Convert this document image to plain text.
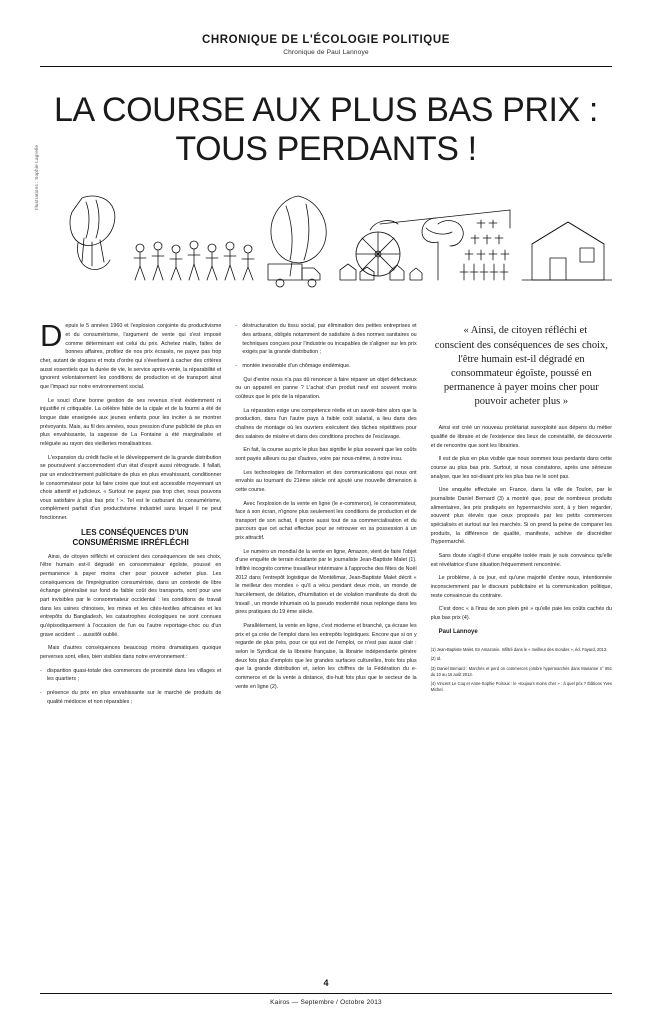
CHRONIQUE DE L'ÉCOLOGIE POLITIQUE
Chronique de Paul Lannoye
LA COURSE AUX PLUS BAS PRIX :
TOUS PERDANTS !
Illustrations : Sophie Lagrelle

Depuis le 5 années 1960 et l'explosion conjointe du productivisme et du consumérisme, l'argument de vente qui s'est imposé comme déterminant est celui du prix. Achetez malin, faites de bonnes affaires, profitez de nos prix écrasés, ne payez pas trop cher, autant de slogans et mots d'ordre qui s'éverlsent à cacher des critères aussi essentiels que la durée de vie, le service après-vente, la réparabilité et ignorent volontairement les conditions de production et de transport ainsi que l'impact sur notre environnement social.

Le souci d'une bonne gestion de ses revenus n'est évidemment ni injustifié ni critiquable. La célèbre fable de la cigale et de la fourmi a été de longue date enseignée aux jeunes enfants pour les inciter à se montrer prévoyants. Mais, au fil des années, sous pression d'une publicité de plus en plus envahissante, la sagesse de La Fontaine a été marginalisée et reléguée au rayon des vieilleries moralisatrices.

L'expansion du crédit facile et le développement de la grande distribution se poursuivent s'accommodent d'un état d'esprit aussi rétrograde. Il fallait, par un endoctrinement publicitaire de plus en plus envahissant, conditionner le consommateur pour lui faire croire que tout est accessible moyennant un choix attentif et judicieux. « Surtout ne payez pas trop cher, nous pouvons vous satisfaire à plus bas prix ! ». Tel est le carburant du consumérisme, complément parfait d'un productivisme industriel sans lequel il ne peut fonctionner.

LES CONSÉQUENCES D'UN CONSUMÉRISME IRRÉFLÉCHI

Ainsi, de citoyen réfléchi et conscient des conséquences de ses choix, l'être humain est-il dégradé en consommateur égoïste, poussé en permanence à payer moins cher pour pouvoir acheter plus. Les conséquences de l'imprégnation consumériste, dans un contexte de libre échange généralisé sur fond de faible coût des transports, sont pour une part invisibles par le consommateur occidental : les conditions de travail dans les usines chinoises, les mines et les cités-textiles africaines et les entrepôts du Bangladesh, les catastrophes écologiques ne sont connues qu'épisodiquement à l'occasion de l'un ou l'autre reportage-choc ou d'un grave accident … aussitôt oublié.

Mais d'autres conséquences beaucoup moins dramatiques quoique perverses sont, elles, bien visibles dans notre environnement :

- disparition quasi-totale des commerces de proximité dans les villages et les quartiers ;

- présence du prix en plus envahissante sur le marché de produits de qualité médiocre et non réparables ;

- déstructuration du tissu social, par élimination des petites entreprises et des artisans, obligés notamment de satisfaire à des normes sanitaires ou techniques conçues pour l'industrie ou incapables de s'aligner sur les prix exigés par la grande distribution ;

- montée inexorable d'un chômage endémique.

Qui d'entre nous n'a pas dû renoncer à faire réparer un objet défectueux ou un appareil en panne ? L'achat d'un produit neuf est souvent moins coûteux que le prix de la réparation.

La réparation exige une compétence réelle et un savoir-faire alors que la production, dans l'un l'autre pays à faible coût salarial, a lieu dans des chaînes de montage où les ouvriers exécutent des tâches répétitives pour des salaires de misère et dans des conditions proches de l'esclavage.

En fait, la course au prix le plus bas signifie le plus souvent que les coûts sont payés ailleurs ou par d'autres, voire par nous-même, à notre insu.

Les technologies de l'information et des communications qui nous ont envahis au tournant du 21ème siècle ont ajouté une nouvelle dimension à cette course.

Avec l'explosion de la vente en ligne (le e-commerce), le consommateur, face à son écran, n'ignore plus seulement les conditions de production et de transport de son achat, il ignore aussi tout de sa commercialisation et du parcours que cet achat effectue pour se retrouver en sa possession à un prix attractif.

Le numéro un mondial de la vente en ligne, Amazon, vient de faire l'objet d'une enquête de terrain éclatante par le journaliste Jean-Baptiste Malet (1). Infiltré incognito comme travailleur intérimaire à l'approche des fêtes de Noël 2012 dans l'entrepôt logistique de Montélimar, Jean-Baptiste Malet décrit « le meilleur des mondes » qu'il a vécu pendant deux mois, un monde de harcèlement, de délation, d'humiliation et de violation manifeste du droit du travail , un monde inhumain où la pseudo modernité nous replonge dans les pires pratiques du 19 ème siècle.

Parallèlement, la vente en ligne, c'est moderne et branché, ça écrase les prix et ça crée de l'emploi dans les entrepôts logistiques. Encore que si on y regarde de plus près, pour ce qui est de l'emploi, ce n'est pas aussi clair : selon le Syndicat de la librairie française, la librairie indépendante génère deux fois plus d'emplois que les grandes surfaces culturelles, trois fois plus que la grande distribution et, selon les chiffres de la Fédération du e-commerce et de la vente à distance, dix-huit fois plus que le secteur de la vente en ligne (2).

« Ainsi, de citoyen réfléchi et conscient des conséquences de ses choix, l'être humain est-il dégradé en consommateur égoïste, poussé en permanence à payer moins cher pour pouvoir acheter plus »

Ainsi est créé un nouveau prolétariat surexploité aux dépens du métier qualifié de libraire et de l'existence des lieux de convivialité, de découverte et de rencontre que sont les librairies.

Il est de plus en plus visible que nous sommes tous perdants dans cette course au plus bas prix. Surtout, si nous constatons, après une sérieuse analyse, que les soi-disant prix les plus bas ne le sont pas.

Une enquête effectuée en France, dans la ville de Toulon, par le journaliste Daniel Bernard (3) a montré que, pour de nombreux produits alimentaires, les prix pratiqués en hypermarchés sont, à y bien regarder, souvent plus élevés que ceux proposés par les petits commerces spécialisés et surtout sur les marchés. Si on prend la peine de comparer les produits, la différence de qualité, manifeste, achève de discréditer l'hypermarché.

Sans doute s'agit-il d'une enquête isolée mais je suis convaincu qu'elle est révélatrice d'une situation fréquemment rencontrée.

Le problème, à ce jour, est qu'une majorité d'entre nous, intentionnée inconsciemment par le discours publicitaire et la communication politique, reste convaincue du contraire.

C'est donc « à l'insu de son plein gré » qu'elle paie les coûts cachés du plus bas prix (4).

Paul Lannoye

(1) Jean-Baptiste Malet, En Amazonie. Infiltré dans le « meilleur des mondes », éd. Fayard, 2013.

(2) Id.

(3) Daniel Bernard : Marchés et perd on commerces (ombre hypermarchés dans Marianne n° 851 du 10 au 16 août 2013.

(4) Vincent Le Coq et Anne-Sophie Poiroux : le «toujours moins cher » : à quel prix ? Éditions Yves Michel.

4
Kairos — Septembre / Octobre 2013
